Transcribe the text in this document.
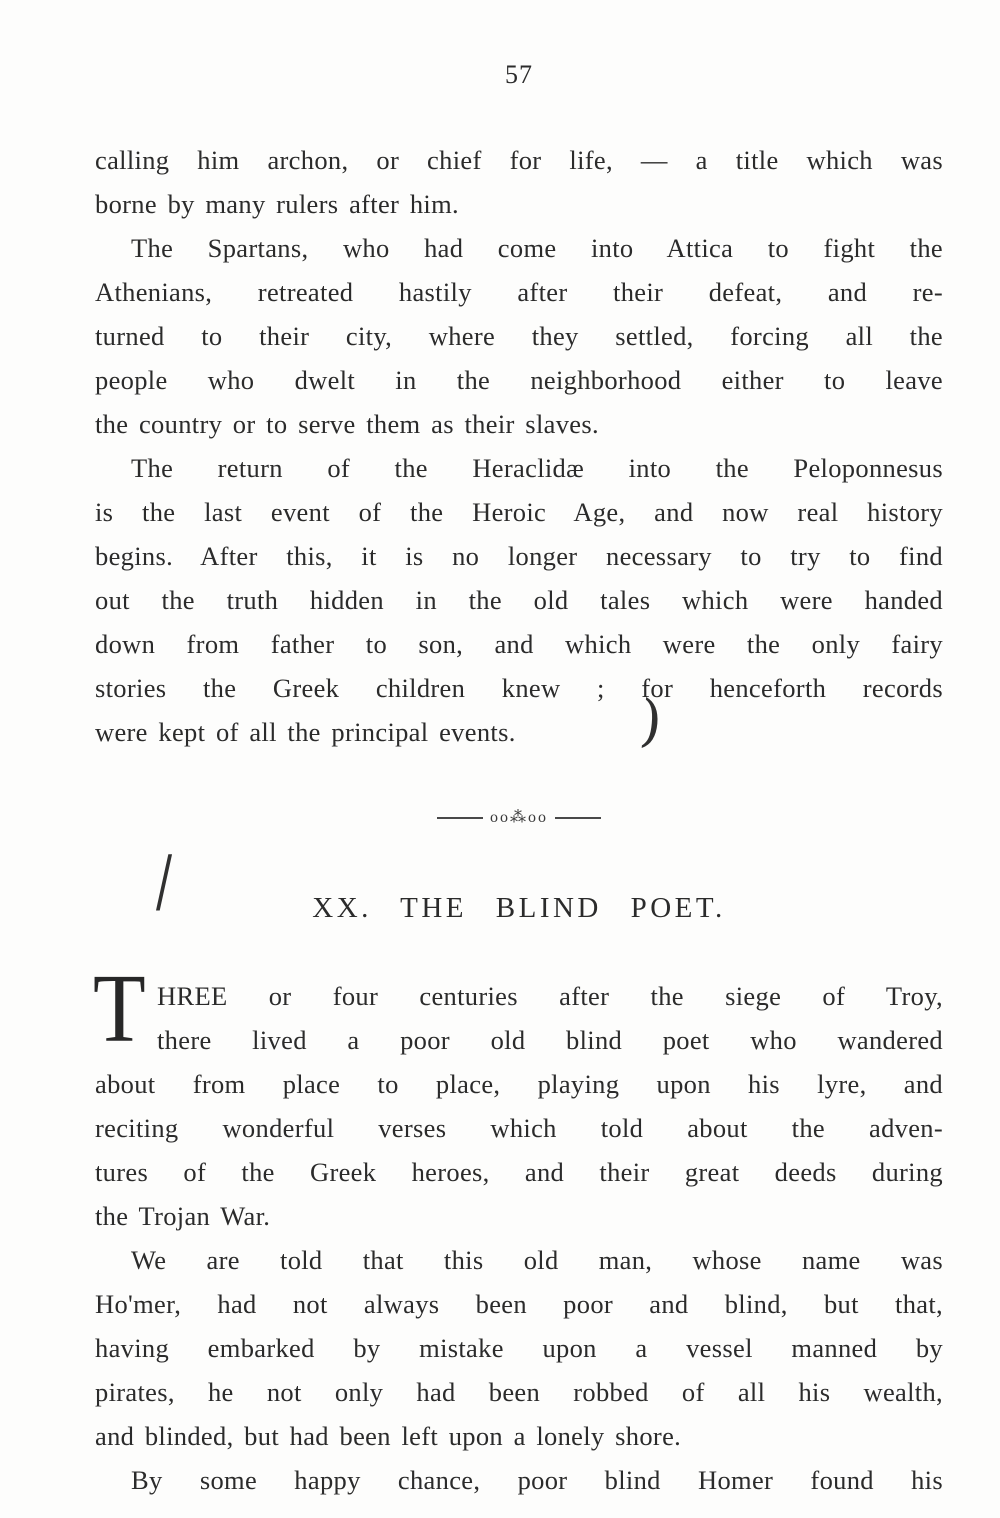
57
calling him archon, or chief for life, — a title which was
borne by many rulers after him.
The Spartans, who had come into Attica to fight the
Athenians, retreated hastily after their defeat, and re-
turned to their city, where they settled, forcing all the
people who dwelt in the neighborhood either to leave
the country or to serve them as their slaves.
The return of the Heraclidæ into the Peloponnesus
is the last event of the Heroic Age, and now real history
begins. After this, it is no longer necessary to try to find
out the truth hidden in the old tales which were handed
down from father to son, and which were the only fairy
stories the Greek children knew ; for henceforth records
were kept of all the principal events.
oo⁂oo
XX. THE BLIND POET.
T HREE or four centuries after the siege of Troy,
there lived a poor old blind poet who wandered
about from place to place, playing upon his lyre, and
reciting wonderful verses which told about the adven-
tures of the Greek heroes, and their great deeds during
the Trojan War.
We are told that this old man, whose name was
Ho'mer, had not always been poor and blind, but that,
having embarked by mistake upon a vessel manned by
pirates, he not only had been robbed of all his wealth,
and blinded, but had been left upon a lonely shore.
By some happy chance, poor blind Homer found his
)
/
